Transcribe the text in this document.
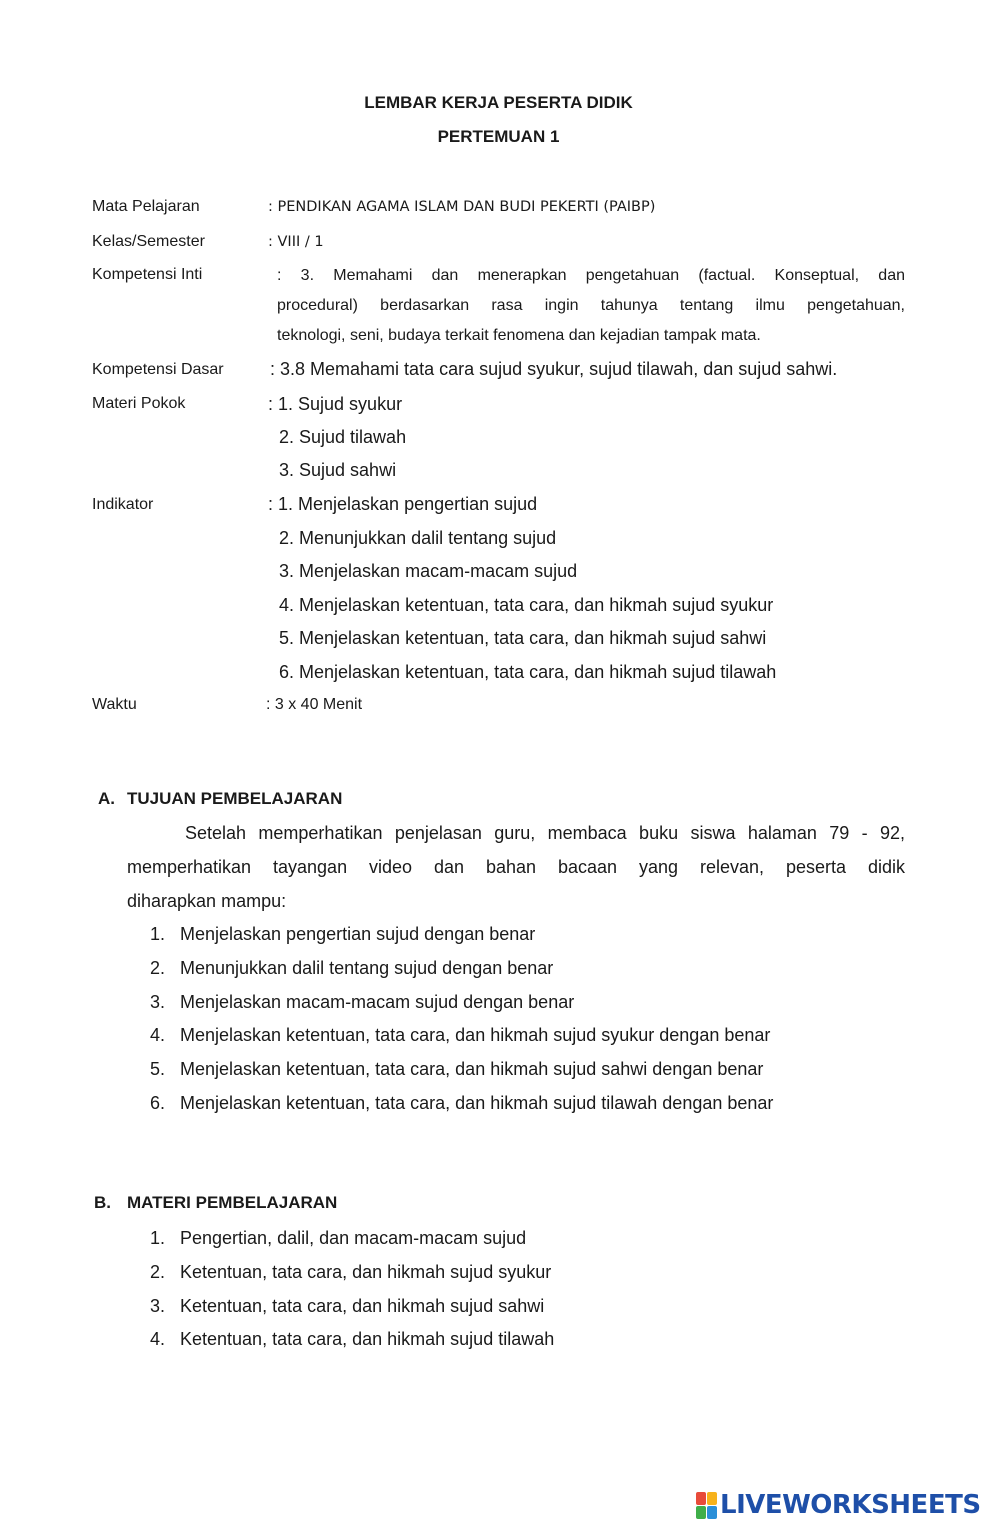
LEMBAR KERJA PESERTA DIDIK
PERTEMUAN 1
Mata Pelajaran	: PENDIKAN AGAMA ISLAM DAN BUDI PEKERTI (PAIBP)
Kelas/Semester	: VIII / 1
Kompetensi Inti	: 3. Memahami dan menerapkan pengetahuan (factual. Konseptual, dan
procedural) berdasarkan rasa ingin tahunya tentang ilmu pengetahuan,
teknologi, seni, budaya terkait fenomena dan kejadian tampak mata.
Kompetensi Dasar	: 3.8 Memahami tata cara sujud syukur, sujud tilawah, dan sujud sahwi.
Materi Pokok	: 1. Sujud syukur
2. Sujud tilawah
3. Sujud sahwi
Indikator	: 1. Menjelaskan pengertian sujud
2. Menunjukkan dalil tentang sujud
3. Menjelaskan macam-macam sujud
4. Menjelaskan ketentuan, tata cara, dan hikmah sujud syukur
5. Menjelaskan ketentuan, tata cara, dan hikmah sujud sahwi
6. Menjelaskan ketentuan, tata cara, dan hikmah sujud tilawah
Waktu	: 3 x 40 Menit
A. TUJUAN PEMBELAJARAN
Setelah memperhatikan penjelasan guru, membaca buku siswa halaman 79 - 92,
memperhatikan tayangan video dan bahan bacaan yang relevan, peserta didik
diharapkan mampu:
1. Menjelaskan pengertian sujud dengan benar
2. Menunjukkan dalil tentang sujud dengan benar
3. Menjelaskan macam-macam sujud dengan benar
4. Menjelaskan ketentuan, tata cara, dan hikmah sujud syukur dengan benar
5. Menjelaskan ketentuan, tata cara, dan hikmah sujud sahwi dengan benar
6. Menjelaskan ketentuan, tata cara, dan hikmah sujud tilawah dengan benar
B. MATERI PEMBELAJARAN
1. Pengertian, dalil, dan macam-macam sujud
2. Ketentuan, tata cara, dan hikmah sujud syukur
3. Ketentuan, tata cara, dan hikmah sujud sahwi
4. Ketentuan, tata cara, dan hikmah sujud tilawah
LIVEWORKSHEETS
